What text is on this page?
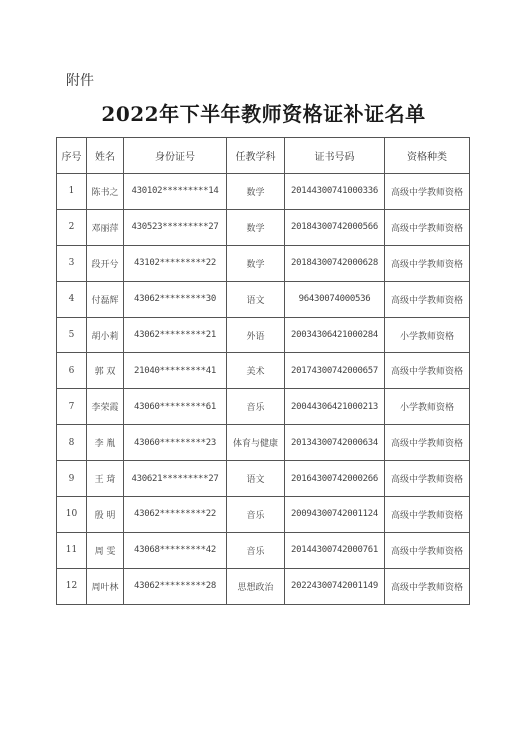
附件
2022年下半年教师资格证补证名单
序号	姓名	身份证号	任教学科	证书号码	资格种类
1	陈书之	430102*********14	数学	20144300741000336	高级中学教师资格
2	邓丽萍	430523*********27	数学	20184300742000566	高级中学教师资格
3	段开兮	43102*********22	数学	20184300742000628	高级中学教师资格
4	付磊辉	43062*********30	语文	96430074000536	高级中学教师资格
5	胡小莉	43062*********21	外语	20034306421000284	小学教师资格
6	郭 双	21040*********41	美术	20174300742000657	高级中学教师资格
7	李荣霞	43060*********61	音乐	20044306421000213	小学教师资格
8	李 胤	43060*********23	体育与健康	20134300742000634	高级中学教师资格
9	王 琦	430621*********27	语文	20164300742000266	高级中学教师资格
10	殷 明	43062*********22	音乐	20094300742001124	高级中学教师资格
11	周 雯	43068*********42	音乐	20144300742000761	高级中学教师资格
12	周叶林	43062*********28	思想政治	20224300742001149	高级中学教师资格
